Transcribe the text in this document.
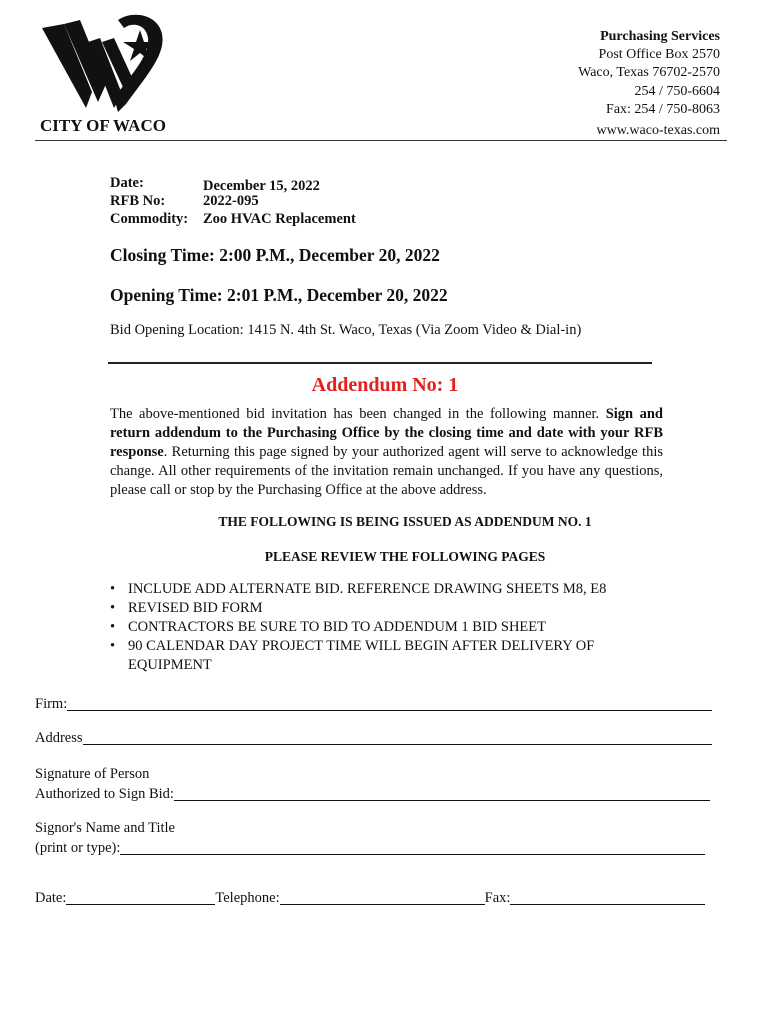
CITY OF WACO
Purchasing Services
Post Office Box 2570
Waco, Texas 76702-2570
254 / 750-6604
Fax: 254 / 750-8063
www.waco-texas.com
Date:	December 15, 2022
RFB No:	2022-095
Commodity:	Zoo HVAC Replacement
Closing Time: 2:00 P.M., December 20, 2022
Opening Time: 2:01 P.M., December 20, 2022
Bid Opening Location: 1415 N. 4th St. Waco, Texas (Via Zoom Video & Dial-in)
Addendum No: 1
The above-mentioned bid invitation has been changed in the following manner. Sign and return addendum to the Purchasing Office by the closing time and date with your RFB response. Returning this page signed by your authorized agent will serve to acknowledge this change. All other requirements of the invitation remain unchanged. If you have any questions, please call or stop by the Purchasing Office at the above address.
THE FOLLOWING IS BEING ISSUED AS ADDENDUM NO. 1
PLEASE REVIEW THE FOLLOWING PAGES
• INCLUDE ADD ALTERNATE BID. REFERENCE DRAWING SHEETS M8, E8
• REVISED BID FORM
• CONTRACTORS BE SURE TO BID TO ADDENDUM 1 BID SHEET
• 90 CALENDAR DAY PROJECT TIME WILL BEGIN AFTER DELIVERY OF EQUIPMENT
Firm:
Address
Signature of Person
Authorized to Sign Bid:
Signor's Name and Title
(print or type):
Date:	Telephone:	Fax:
